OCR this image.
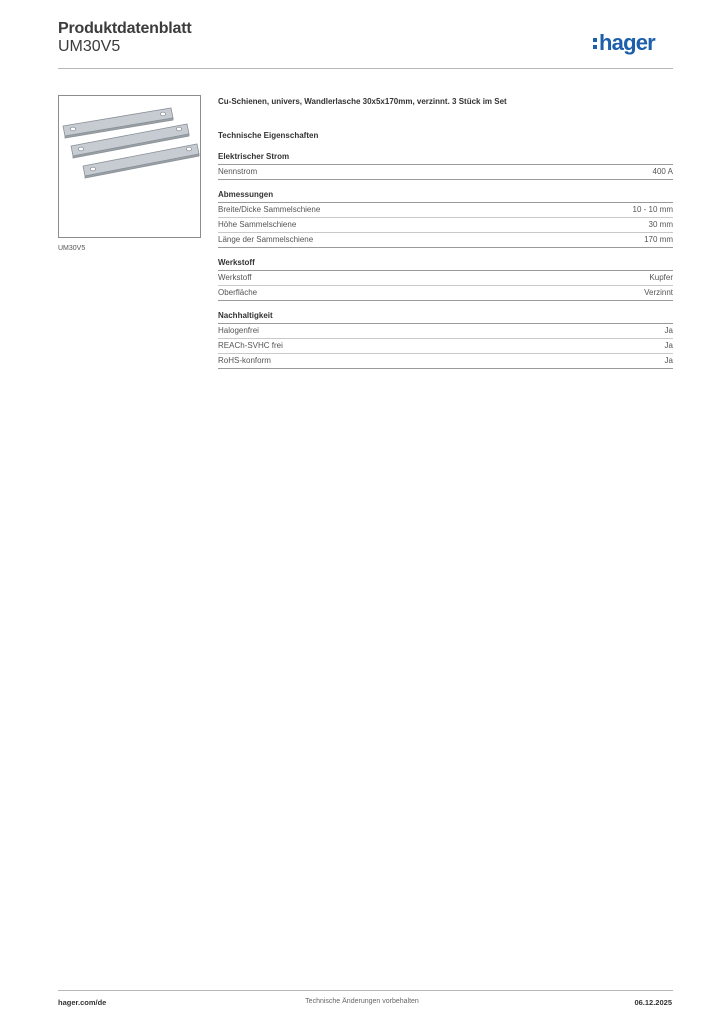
Produktdatenblatt
UM30V5	hager
UM30V5
Cu-Schienen, univers, Wandlerlasche 30x5x170mm, verzinnt. 3 Stück im Set
Technische Eigenschaften
Elektrischer Strom
Nennstrom	400 A
Abmessungen
Breite/Dicke Sammelschiene	10 - 10 mm
Höhe Sammelschiene	30 mm
Länge der Sammelschiene	170 mm
Werkstoff
Werkstoff	Kupfer
Oberfläche	Verzinnt
Nachhaltigkeit
Halogenfrei	Ja
REACh-SVHC frei	Ja
RoHS-konform	Ja
hager.com/de	Technische Änderungen vorbehalten	06.12.2025
